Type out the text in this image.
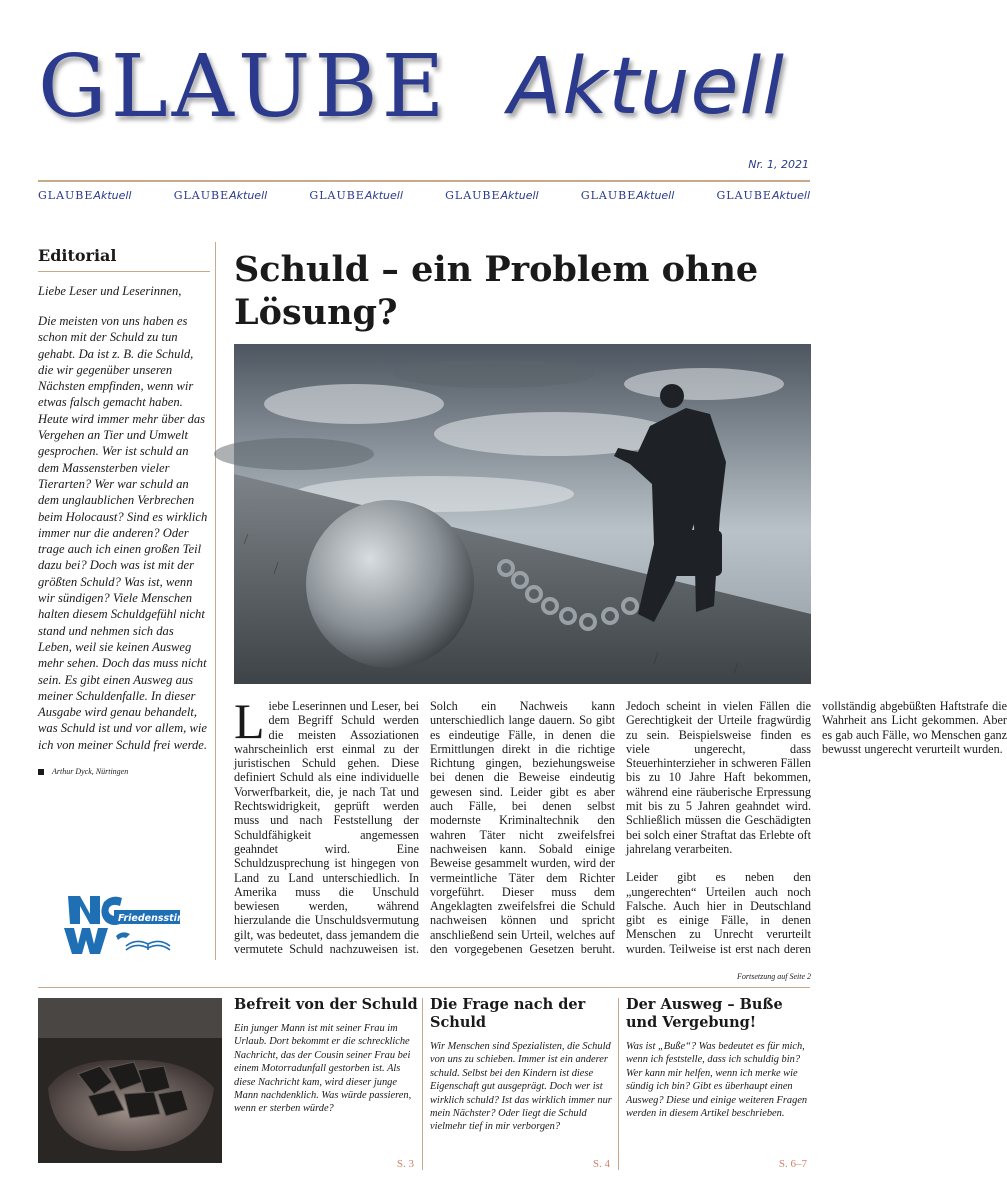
GLAUBE Aktuell
Nr. 1, 2021
GLAUBEAktuell	GLAUBEAktuell	GLAUBEAktuell	GLAUBEAktuell	GLAUBEAktuell	GLAUBEAktuell
Editorial
Liebe Leser und Leserinnen,
Die meisten von uns haben es schon mit der Schuld zu tun gehabt. Da ist z. B. die Schuld, die wir gegenüber unseren Nächsten empfinden, wenn wir etwas falsch gemacht haben. Heute wird immer mehr über das Vergehen an Tier und Umwelt gesprochen. Wer ist schuld an dem Massensterben vieler Tierarten? Wer war schuld an dem unglaublichen Verbrechen beim Holocaust? Sind es wirklich immer nur die anderen? Oder trage auch ich einen großen Teil dazu bei? Doch was ist mit der größten Schuld? Was ist, wenn wir sündigen? Viele Menschen halten diesem Schuldgefühl nicht stand und nehmen sich das Leben, weil sie keinen Ausweg mehr sehen. Doch das muss nicht sein. Es gibt einen Ausweg aus meiner Schuldenfalle. In dieser Ausgabe wird genau behandelt, was Schuld ist und vor allem, wie ich von meiner Schuld frei werde.
Arthur Dyck, Nürtingen
Friedensstimme
Schuld – ein Problem ohne Lösung?

Liebe Leserinnen und Leser, bei dem Begriff Schuld werden die meisten Assoziationen wahrscheinlich erst einmal zu der juristischen Schuld gehen. Diese definiert Schuld als eine individuelle Vorwerfbarkeit, die, je nach Tat und Rechtswidrigkeit, geprüft werden muss und nach Feststellung der Schuldfähigkeit angemessen geahndet wird. Eine Schuldzusprechung ist hingegen von Land zu Land unterschiedlich. In Amerika muss die Unschuld bewiesen werden, während hierzulande die Unschuldsvermutung gilt, was bedeutet, dass jemandem die vermutete Schuld nachzuweisen ist. Solch ein Nachweis kann unterschiedlich lange dauern. So gibt es eindeutige Fälle, in denen die Ermittlungen direkt in die richtige Richtung gingen, beziehungsweise bei denen die Beweise eindeutig gewesen sind. Leider gibt es aber auch Fälle, bei denen selbst modernste Kriminaltechnik den wahren Täter nicht zweifelsfrei nachweisen kann. Sobald einige Beweise gesammelt wurden, wird der vermeintliche Täter dem Richter vorgeführt. Dieser muss dem Angeklagten zweifelsfrei die Schuld nachweisen können und spricht anschließend sein Urteil, welches auf den vorgegebenen Gesetzen beruht. Jedoch scheint in vielen Fällen die Gerechtigkeit der Urteile fragwürdig zu sein. Beispielsweise finden es viele ungerecht, dass Steuerhinterzieher in schweren Fällen bis zu 10 Jahre Haft bekommen, während eine räuberische Erpressung mit bis zu 5 Jahren geahndet wird. Schließlich müssen die Geschädigten bei solch einer Straftat das Erlebte oft jahrelang verarbeiten.

Leider gibt es neben den „ungerechten“ Urteilen auch noch Falsche. Auch hier in Deutschland gibt es einige Fälle, in denen Menschen zu Unrecht verurteilt wurden. Teilweise ist erst nach deren vollständig abgebüßten Haftstrafe die Wahrheit ans Licht gekommen. Aber es gab auch Fälle, wo Menschen ganz bewusst ungerecht verurteilt wurden.

Fortsetzung auf Seite 2
Befreit von der Schuld
Ein junger Mann ist mit seiner Frau im Urlaub. Dort bekommt er die schreckliche Nachricht, das der Cousin seiner Frau bei einem Motorradunfall gestorben ist. Als diese Nachricht kam, wird dieser junge Mann nachdenklich. Was würde passieren, wenn er sterben würde?
S. 3
Die Frage nach der Schuld
Wir Menschen sind Spezialisten, die Schuld von uns zu schieben. Immer ist ein anderer schuld. Selbst bei den Kindern ist diese Eigenschaft gut ausgeprägt. Doch wer ist wirklich schuld? Ist das wirklich immer nur mein Nächster? Oder liegt die Schuld vielmehr tief in mir verborgen?
S. 4
Der Ausweg – Buße und Vergebung!
Was ist „Buße“? Was bedeutet es für mich, wenn ich feststelle, dass ich schuldig bin? Wer kann mir helfen, wenn ich merke wie sündig ich bin? Gibt es überhaupt einen Ausweg? Diese und einige weiteren Fragen werden in diesem Artikel beschrieben.
S. 6–7
